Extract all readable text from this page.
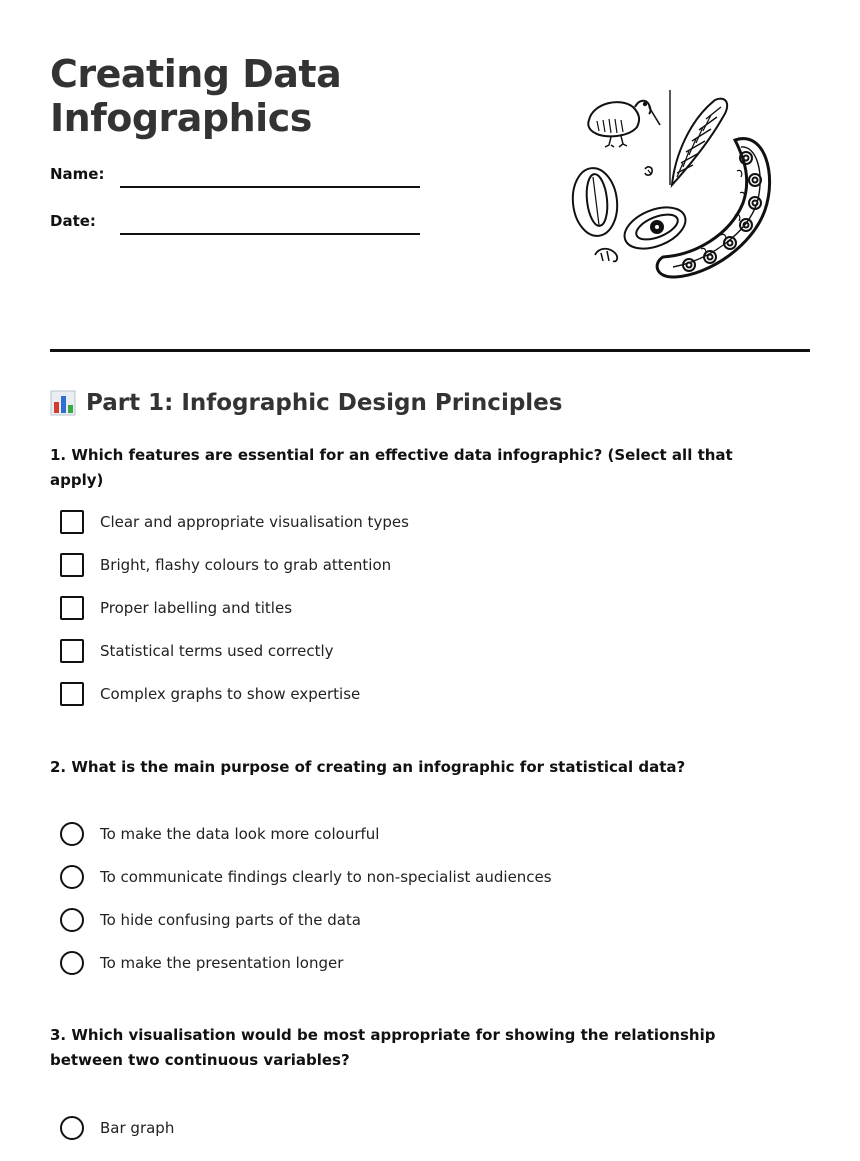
Creating Data Infographics
Name:
Date:
Part 1: Infographic Design Principles

1. Which features are essential for an effective data infographic? (Select all that apply)

Clear and appropriate visualisation types
Bright, flashy colours to grab attention
Proper labelling and titles
Statistical terms used correctly
Complex graphs to show expertise

2. What is the main purpose of creating an infographic for statistical data?

To make the data look more colourful
To communicate findings clearly to non-specialist audiences
To hide confusing parts of the data
To make the presentation longer

3. Which visualisation would be most appropriate for showing the relationship between two continuous variables?

Bar graph
